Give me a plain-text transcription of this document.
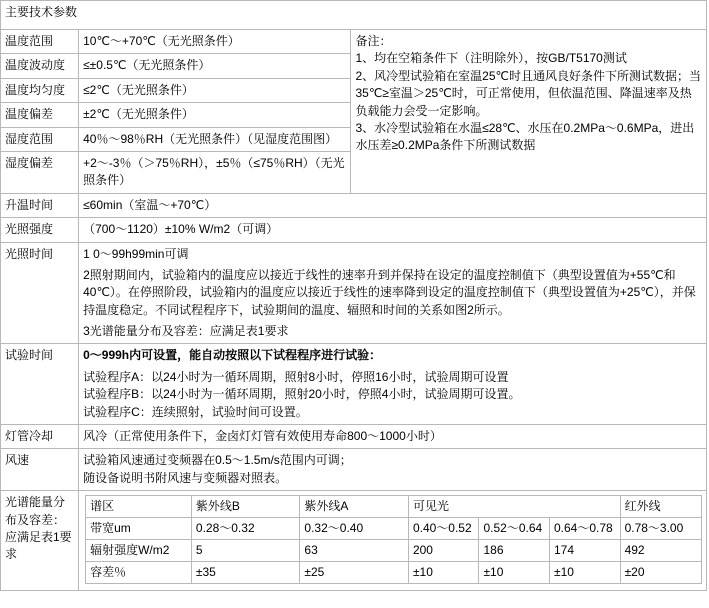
主要技术参数
温度范围	10℃～+70℃（无光照条件）	备注：

1、均在空箱条件下（注明除外），按GB/T5170测试

2、风冷型试验箱在室温25℃时且通风良好条件下所测试数据；当35℃≥室温＞25℃时，可正常使用，但依温范围、降温速率及热负载能力会受一定影响。

3、水冷型试验箱在水温≤28℃、水压在0.2MPa～0.6MPa，进出水压差≥0.2MPa条件下所测试数据

温度波动度	≤±0.5℃（无光照条件）
温度均匀度	≤2℃（无光照条件）
温度偏差	±2℃（无光照条件）
湿度范围	40％～98％RH（无光照条件）（见湿度范围图）
湿度偏差	+2～-3％（＞75％RH），±5％（≤75％RH）（无光照条件）
升温时间	≤60min（室温～+70℃）
光照强度	（700～1120）±10% W/m2（可调）
光照时间	1 0～99h99min可调

2照射期间内，试验箱内的温度应以接近于线性的速率升到并保持在设定的温度控制值下（典型设置值为+55℃和40℃）。在停照阶段，试验箱内的温度应以接近于线性的速率降到设定的温度控制值下（典型设置值为+25℃），并保持温度稳定。不同试程程序下，试验期间的温度、辐照和时间的关系如图2所示。

3光谱能量分布及容差：应满足表1要求

试验时间	0～999h内可设置，能自动按照以下试程程序进行试验：

试验程序A：以24小时为一循环周期，照射8小时，停照16小时，试验周期可设置

试验程序B：以24小时为一循环周期，照射20小时，停照4小时，试验周期可设置。

试验程序C：连续照射，试验时间可设置。

灯管冷却	风冷（正常使用条件下，金卤灯灯管有效使用寿命800～1000小时）
风速	试验箱风速通过变频器在0.5～1.5m/s范围内可调；

随设备说明书附风速与变频器对照表。

光谱能量分布及容差：应满足表1要求	
谱区	紫外线B	紫外线A	可见光	红外线
带宽um	0.28～0.32	0.32～0.40	0.40～0.52	0.52～0.64	0.64～0.78	0.78～3.00
辐射强度W/m2	5	63	200	186	174	492
容差％	±35	±25	±10	±10	±10	±20
